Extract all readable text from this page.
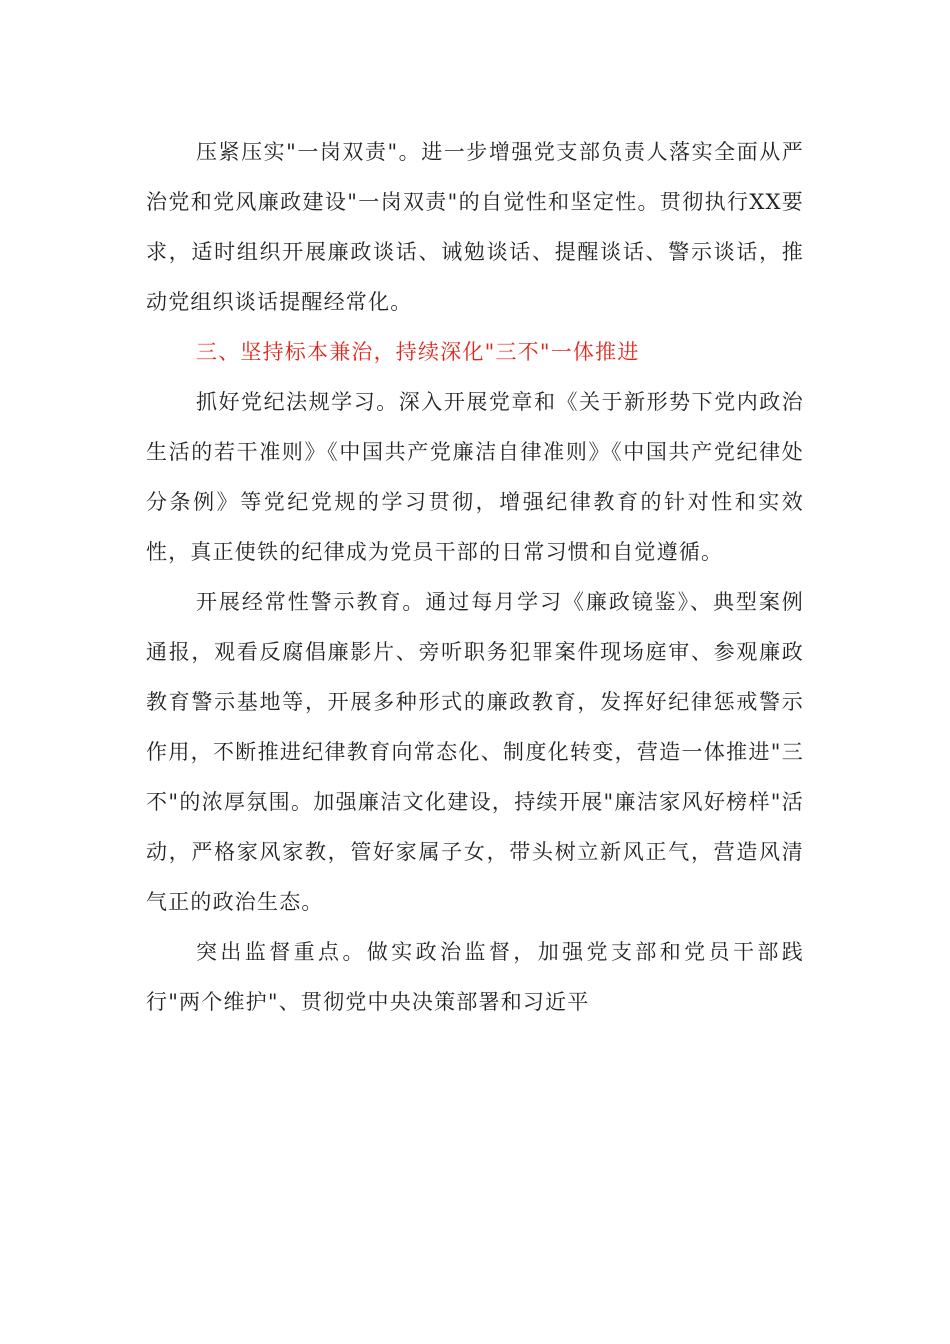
压紧压实"一岗双责"。进一步增强党支部负责人落实全面从严治党和党风廉政建设"一岗双责"的自觉性和坚定性。贯彻执行XX要求，适时组织开展廉政谈话、诫勉谈话、提醒谈话、警示谈话，推动党组织谈话提醒经常化。

三、坚持标本兼治，持续深化"三不"一体推进

抓好党纪法规学习。深入开展党章和《关于新形势下党内政治生活的若干准则》《中国共产党廉洁自律准则》《中国共产党纪律处分条例》等党纪党规的学习贯彻，增强纪律教育的针对性和实效性，真正使铁的纪律成为党员干部的日常习惯和自觉遵循。

开展经常性警示教育。通过每月学习《廉政镜鉴》、典型案例通报，观看反腐倡廉影片、旁听职务犯罪案件现场庭审、参观廉政教育警示基地等，开展多种形式的廉政教育，发挥好纪律惩戒警示作用，不断推进纪律教育向常态化、制度化转变，营造一体推进"三不"的浓厚氛围。加强廉洁文化建设，持续开展"廉洁家风好榜样"活动，严格家风家教，管好家属子女，带头树立新风正气，营造风清气正的政治生态。

突出监督重点。做实政治监督，加强党支部和党员干部践行"两个维护"、贯彻党中央决策部署和习近平
